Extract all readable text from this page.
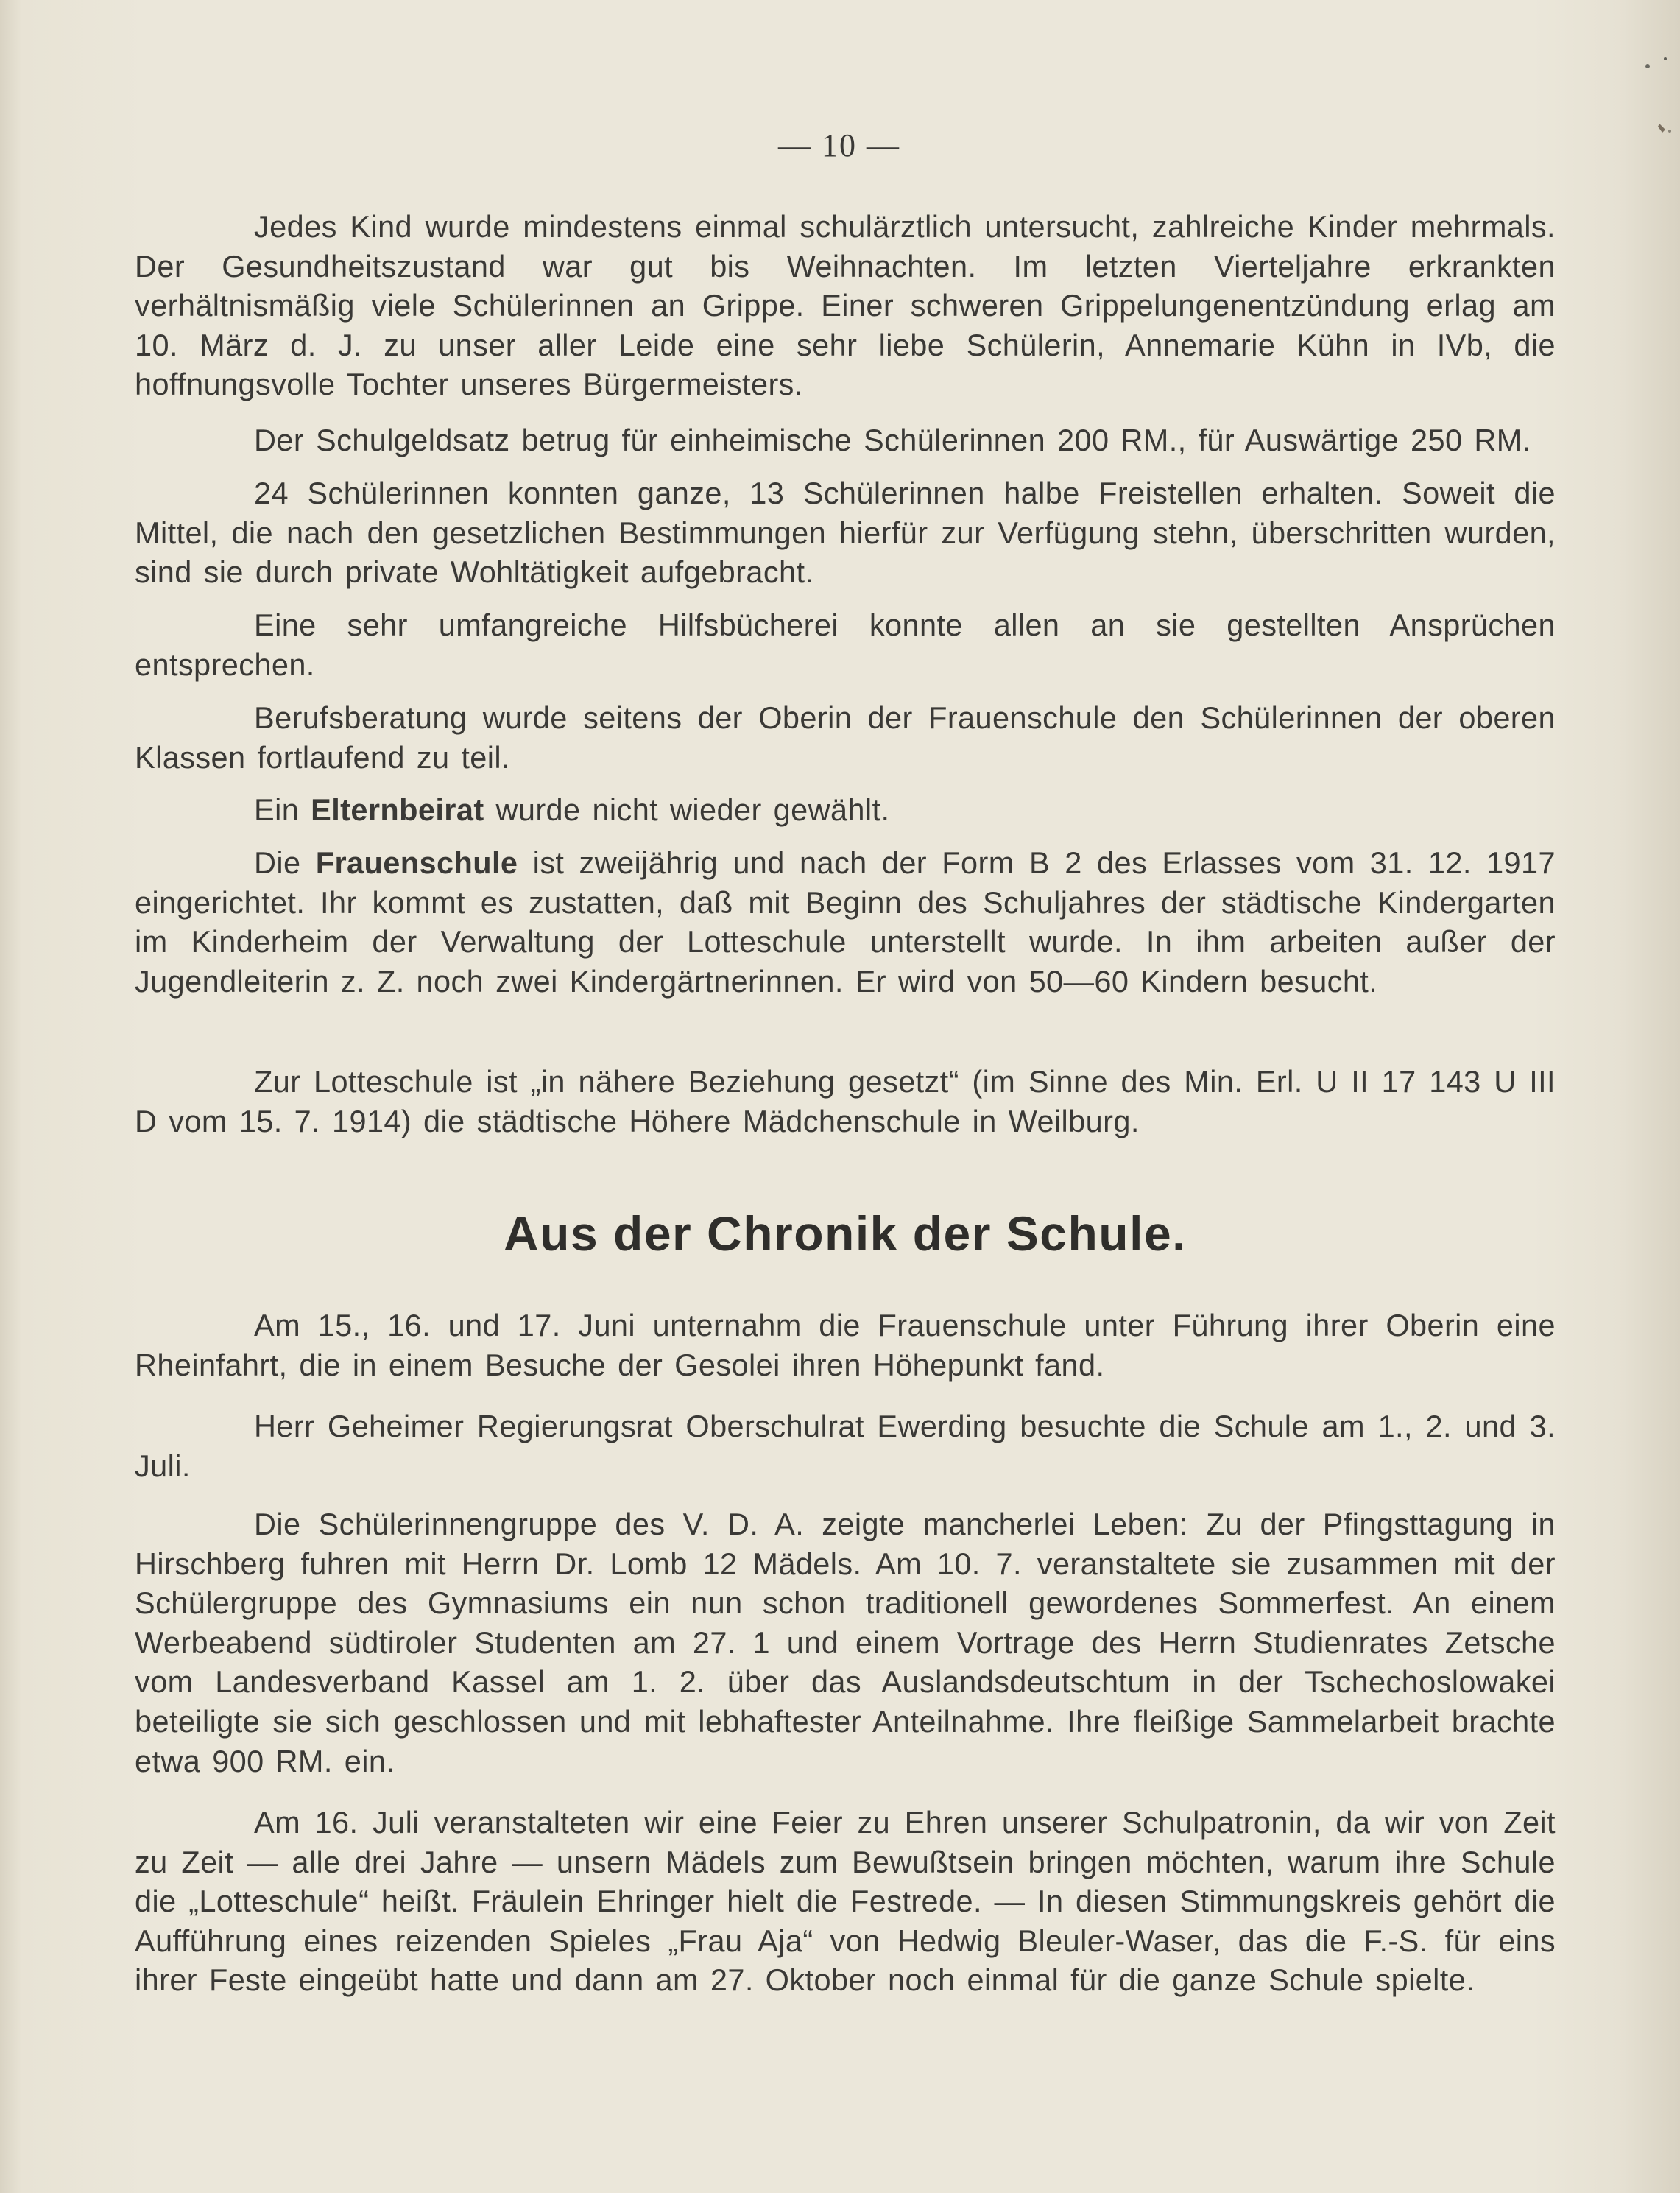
— 10 —
Jedes Kind wurde mindestens einmal schulärztlich untersucht, zahlreiche Kinder mehrmals. Der Gesundheitszustand war gut bis Weihnachten. Im letzten Vierteljahre erkrankten verhältnismäßig viele Schülerinnen an Grippe. Einer schweren Grippelungenentzündung erlag am 10. März d. J. zu unser aller Leide eine sehr liebe Schülerin, Annemarie Kühn in IVb, die hoffnungsvolle Tochter unseres Bürgermeisters.
Der Schulgeldsatz betrug für einheimische Schülerinnen 200 RM., für Auswärtige 250 RM.
24 Schülerinnen konnten ganze, 13 Schülerinnen halbe Freistellen erhalten. Soweit die Mittel, die nach den gesetzlichen Bestimmungen hierfür zur Verfügung stehn, überschritten wurden, sind sie durch private Wohltätigkeit aufgebracht.
Eine sehr umfangreiche Hilfsbücherei konnte allen an sie gestellten Ansprüchen entsprechen.
Berufsberatung wurde seitens der Oberin der Frauenschule den Schülerinnen der oberen Klassen fortlaufend zu teil.
Ein Elternbeirat wurde nicht wieder gewählt.
Die Frauenschule ist zweijährig und nach der Form B 2 des Erlasses vom 31. 12. 1917 eingerichtet. Ihr kommt es zustatten, daß mit Beginn des Schuljahres der städtische Kindergarten im Kinderheim der Verwaltung der Lotteschule unterstellt wurde. In ihm arbeiten außer der Jugendleiterin z. Z. noch zwei Kindergärtnerinnen. Er wird von 50—60 Kindern besucht.
Zur Lotteschule ist „in nähere Beziehung gesetzt“ (im Sinne des Min. Erl. U II 17 143 U III D vom 15. 7. 1914) die städtische Höhere Mädchenschule in Weilburg.
Aus der Chronik der Schule.
Am 15., 16. und 17. Juni unternahm die Frauenschule unter Führung ihrer Oberin eine Rheinfahrt, die in einem Besuche der Gesolei ihren Höhepunkt fand.
Herr Geheimer Regierungsrat Oberschulrat Ewerding besuchte die Schule am 1., 2. und 3. Juli.
Die Schülerinnengruppe des V. D. A. zeigte mancherlei Leben: Zu der Pfingsttagung in Hirschberg fuhren mit Herrn Dr. Lomb 12 Mädels. Am 10. 7. veranstaltete sie zusammen mit der Schülergruppe des Gymnasiums ein nun schon traditionell gewordenes Sommerfest. An einem Werbeabend südtiroler Studenten am 27. 1 und einem Vortrage des Herrn Studienrates Zetsche vom Landesverband Kassel am 1. 2. über das Auslandsdeutschtum in der Tschechoslowakei beteiligte sie sich geschlossen und mit lebhaftester Anteilnahme. Ihre fleißige Sammelarbeit brachte etwa 900 RM. ein.
Am 16. Juli veranstalteten wir eine Feier zu Ehren unserer Schulpatronin, da wir von Zeit zu Zeit — alle drei Jahre — unsern Mädels zum Bewußtsein bringen möchten, warum ihre Schule die „Lotteschule“ heißt. Fräulein Ehringer hielt die Festrede. — In diesen Stimmungskreis gehört die Aufführung eines reizenden Spieles „Frau Aja“ von Hedwig Bleuler-Waser, das die F.-S. für eins ihrer Feste eingeübt hatte und dann am 27. Oktober noch einmal für die ganze Schule spielte.
